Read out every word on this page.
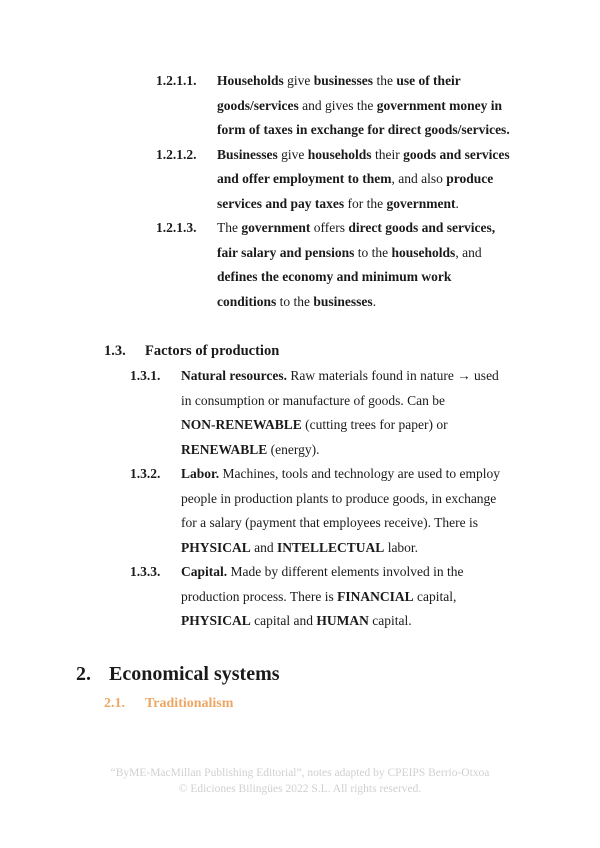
1.2.1.1. Households give businesses the use of their
goods/services and gives the government money in
form of taxes in exchange for direct goods/services.
1.2.1.2. Businesses give households their goods and services
and offer employment to them, and also produce
services and pay taxes for the government.
1.2.1.3. The government offers direct goods and services,
fair salary and pensions to the households, and
defines the economy and minimum work
conditions to the businesses.
1.3. Factors of production
1.3.1. Natural resources. Raw materials found in nature → used
in consumption or manufacture of goods. Can be
NON-RENEWABLE (cutting trees for paper) or
RENEWABLE (energy).
1.3.2. Labor. Machines, tools and technology are used to employ
people in production plants to produce goods, in exchange
for a salary (payment that employees receive). There is
PHYSICAL and INTELLECTUAL labor.
1.3.3. Capital. Made by different elements involved in the
production process. There is FINANCIAL capital,
PHYSICAL capital and HUMAN capital.
2. Economical systems
2.1. Traditionalism
“ByME-MacMillan Publishing Editorial”, notes adapted by CPEIPS Berrio-Otxoa
© Ediciones Bilingües 2022 S.L. All rights reserved.
